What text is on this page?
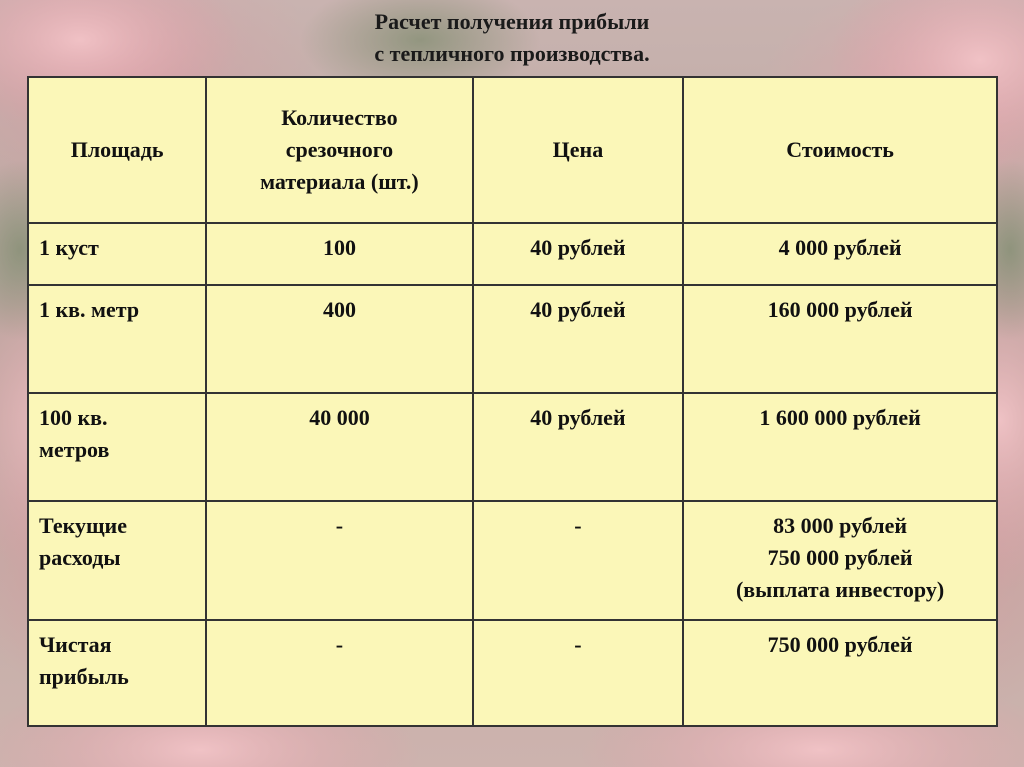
Расчет получения прибыли
с тепличного производства.
Площадь	Количество
срезочного
материала (шт.)	Цена	Стоимость

1 куст	100	40 рублей	4 000 рублей

1 кв. метр	400	40 рублей	160 000 рублей

100 кв.
метров	40 000	40 рублей	1 600 000 рублей

Текущие
расходы	-	-	83 000 рублей
750 000 рублей
(выплата инвестору)

Чистая
прибыль	-	-	750 000 рублей
